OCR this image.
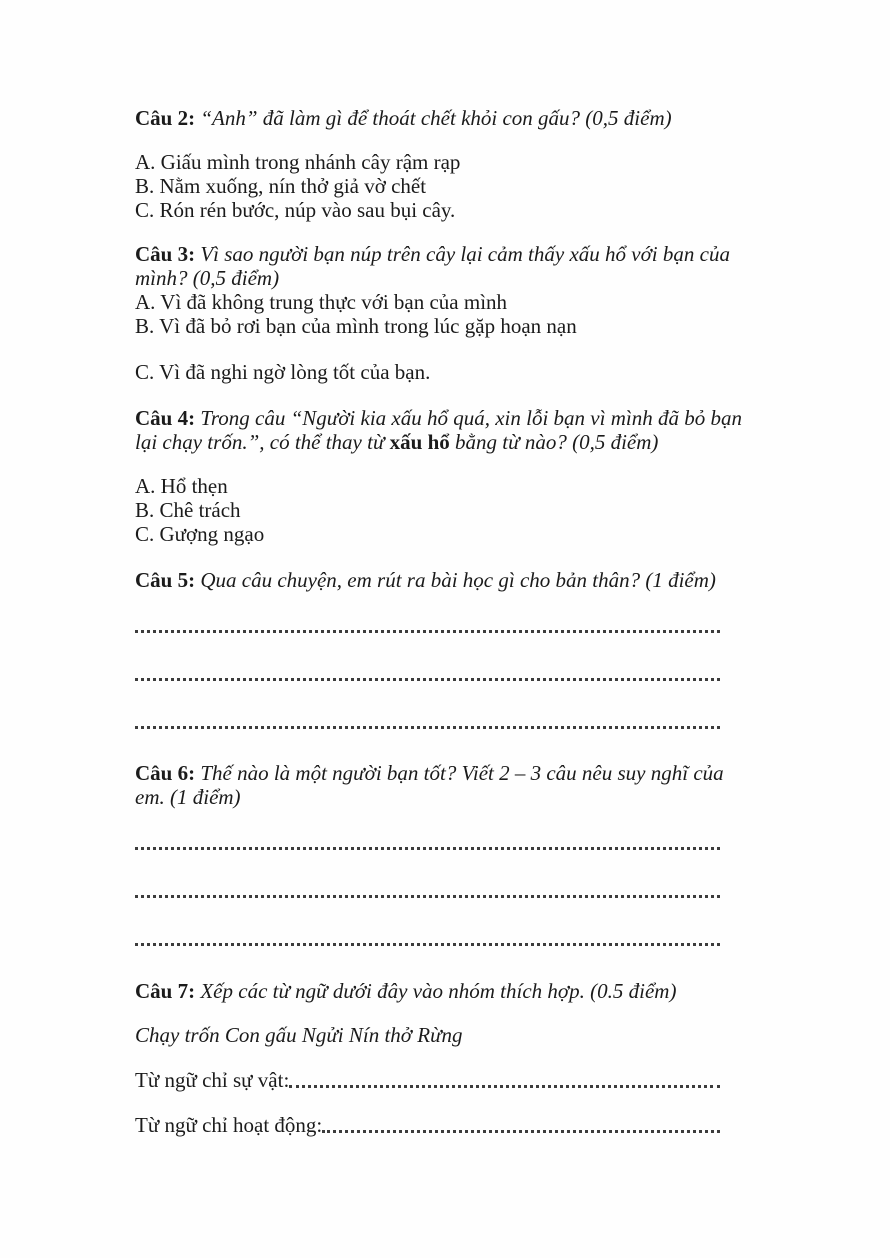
Câu 2: “Anh” đã làm gì để thoát chết khỏi con gấu? (0,5 điểm)

A. Giấu mình trong nhánh cây rậm rạp

B. Nằm xuống, nín thở giả vờ chết

C. Rón rén bước, núp vào sau bụi cây.

Câu 3: Vì sao người bạn núp trên cây lại cảm thấy xấu hổ với bạn của mình? (0,5 điểm)

A. Vì đã không trung thực với bạn của mình

B. Vì đã bỏ rơi bạn của mình trong lúc gặp hoạn nạn

C. Vì đã nghi ngờ lòng tốt của bạn.

Câu 4: Trong câu “Người kia xấu hổ quá, xin lỗi bạn vì mình đã bỏ bạn lại chạy trốn.”, có thể thay từ xấu hổ bằng từ nào? (0,5 điểm)

A. Hổ thẹn

B. Chê trách

C. Gượng ngạo

Câu 5: Qua câu chuyện, em rút ra bài học gì cho bản thân? (1 điểm)

Câu 6: Thế nào là một người bạn tốt? Viết 2 – 3 câu nêu suy nghĩ của em. (1 điểm)

Câu 7: Xếp các từ ngữ dưới đây vào nhóm thích hợp. (0.5 điểm)

Chạy trốn Con gấu Ngửi Nín thở Rừng

Từ ngữ chỉ sự vật:
Từ ngữ chỉ hoạt động:
